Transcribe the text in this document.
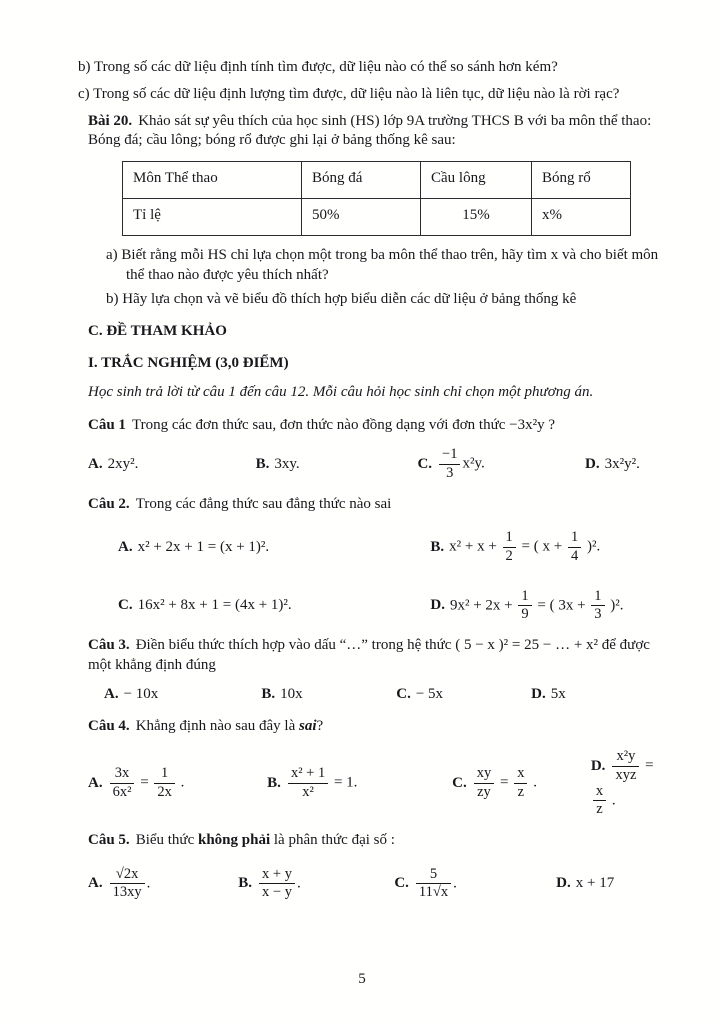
b) Trong số các dữ liệu định tính tìm được, dữ liệu nào có thể so sánh hơn kém?
c) Trong số các dữ liệu định lượng tìm được, dữ liệu nào là liên tục, dữ liệu nào là rời rạc?
Bài 20. Khảo sát sự yêu thích của học sinh (HS) lớp 9A trường THCS B với ba môn thể thao: Bóng đá; cầu lông; bóng rổ được ghi lại ở bảng thống kê sau:
Môn Thể thao	Bóng đá	Cầu lông	Bóng rổ
Tỉ lệ	50%	15%	x%
a) Biết rằng mỗi HS chỉ lựa chọn một trong ba môn thể thao trên, hãy tìm x và cho biết môn thể thao nào được yêu thích nhất?
b) Hãy lựa chọn và vẽ biểu đồ thích hợp biểu diễn các dữ liệu ở bảng thống kê
C. ĐỀ THAM KHẢO
I. TRẮC NGHIỆM (3,0 ĐIỂM)
Học sinh trả lời từ câu 1 đến câu 12. Mỗi câu hỏi học sinh chỉ chọn một phương án.
Câu 1 Trong các đơn thức sau, đơn thức nào đồng dạng với đơn thức −3x²y ?
A. 2xy².	B. 3xy.	C. $\frac{-1}{3} x^2y$.	D. 3x²y².
Câu 2. Trong các đẳng thức sau đẳng thức nào sai
A. x² + 2x + 1 = (x + 1)².	B. $x^2 + x + \frac{1}{2}$ = ( $x + \frac{1}{4} )^2$.
C. 16x² + 8x + 1 = (4x + 1)².	D. $9x^2 + 2x + \frac{1}{9}$ = ( $3x + \frac{1}{3} )^2$.
Câu 3. Điền biểu thức thích hợp vào dấu “…” trong hệ thức ( 5 − x )² = 25 − … + x² để được một khẳng định đúng
A. − 10x	B. 10x	C. − 5x	D. 5x
Câu 4. Khẳng định nào sau đây là sai?
A. $\frac{3x}{\text{6x²}} = \frac{1}{2x}$ .	B. $\frac{\text{x² + 1}}{\text{x²}} = 1$.	C. $\frac{xy}{zy} = \frac{x}{z}$ .
D. $\frac{\text{x²y}}{\text{xyz}}$ =
$\frac{x}{z}$ .
Câu 5. Biểu thức không phải là phân thức đại số :
A. $\frac{√2x}{13xy}$ .	B. $\frac{x + y}{x - y}$ .	C. $\frac{5}{11√x}$ .	D. x + 17
5
